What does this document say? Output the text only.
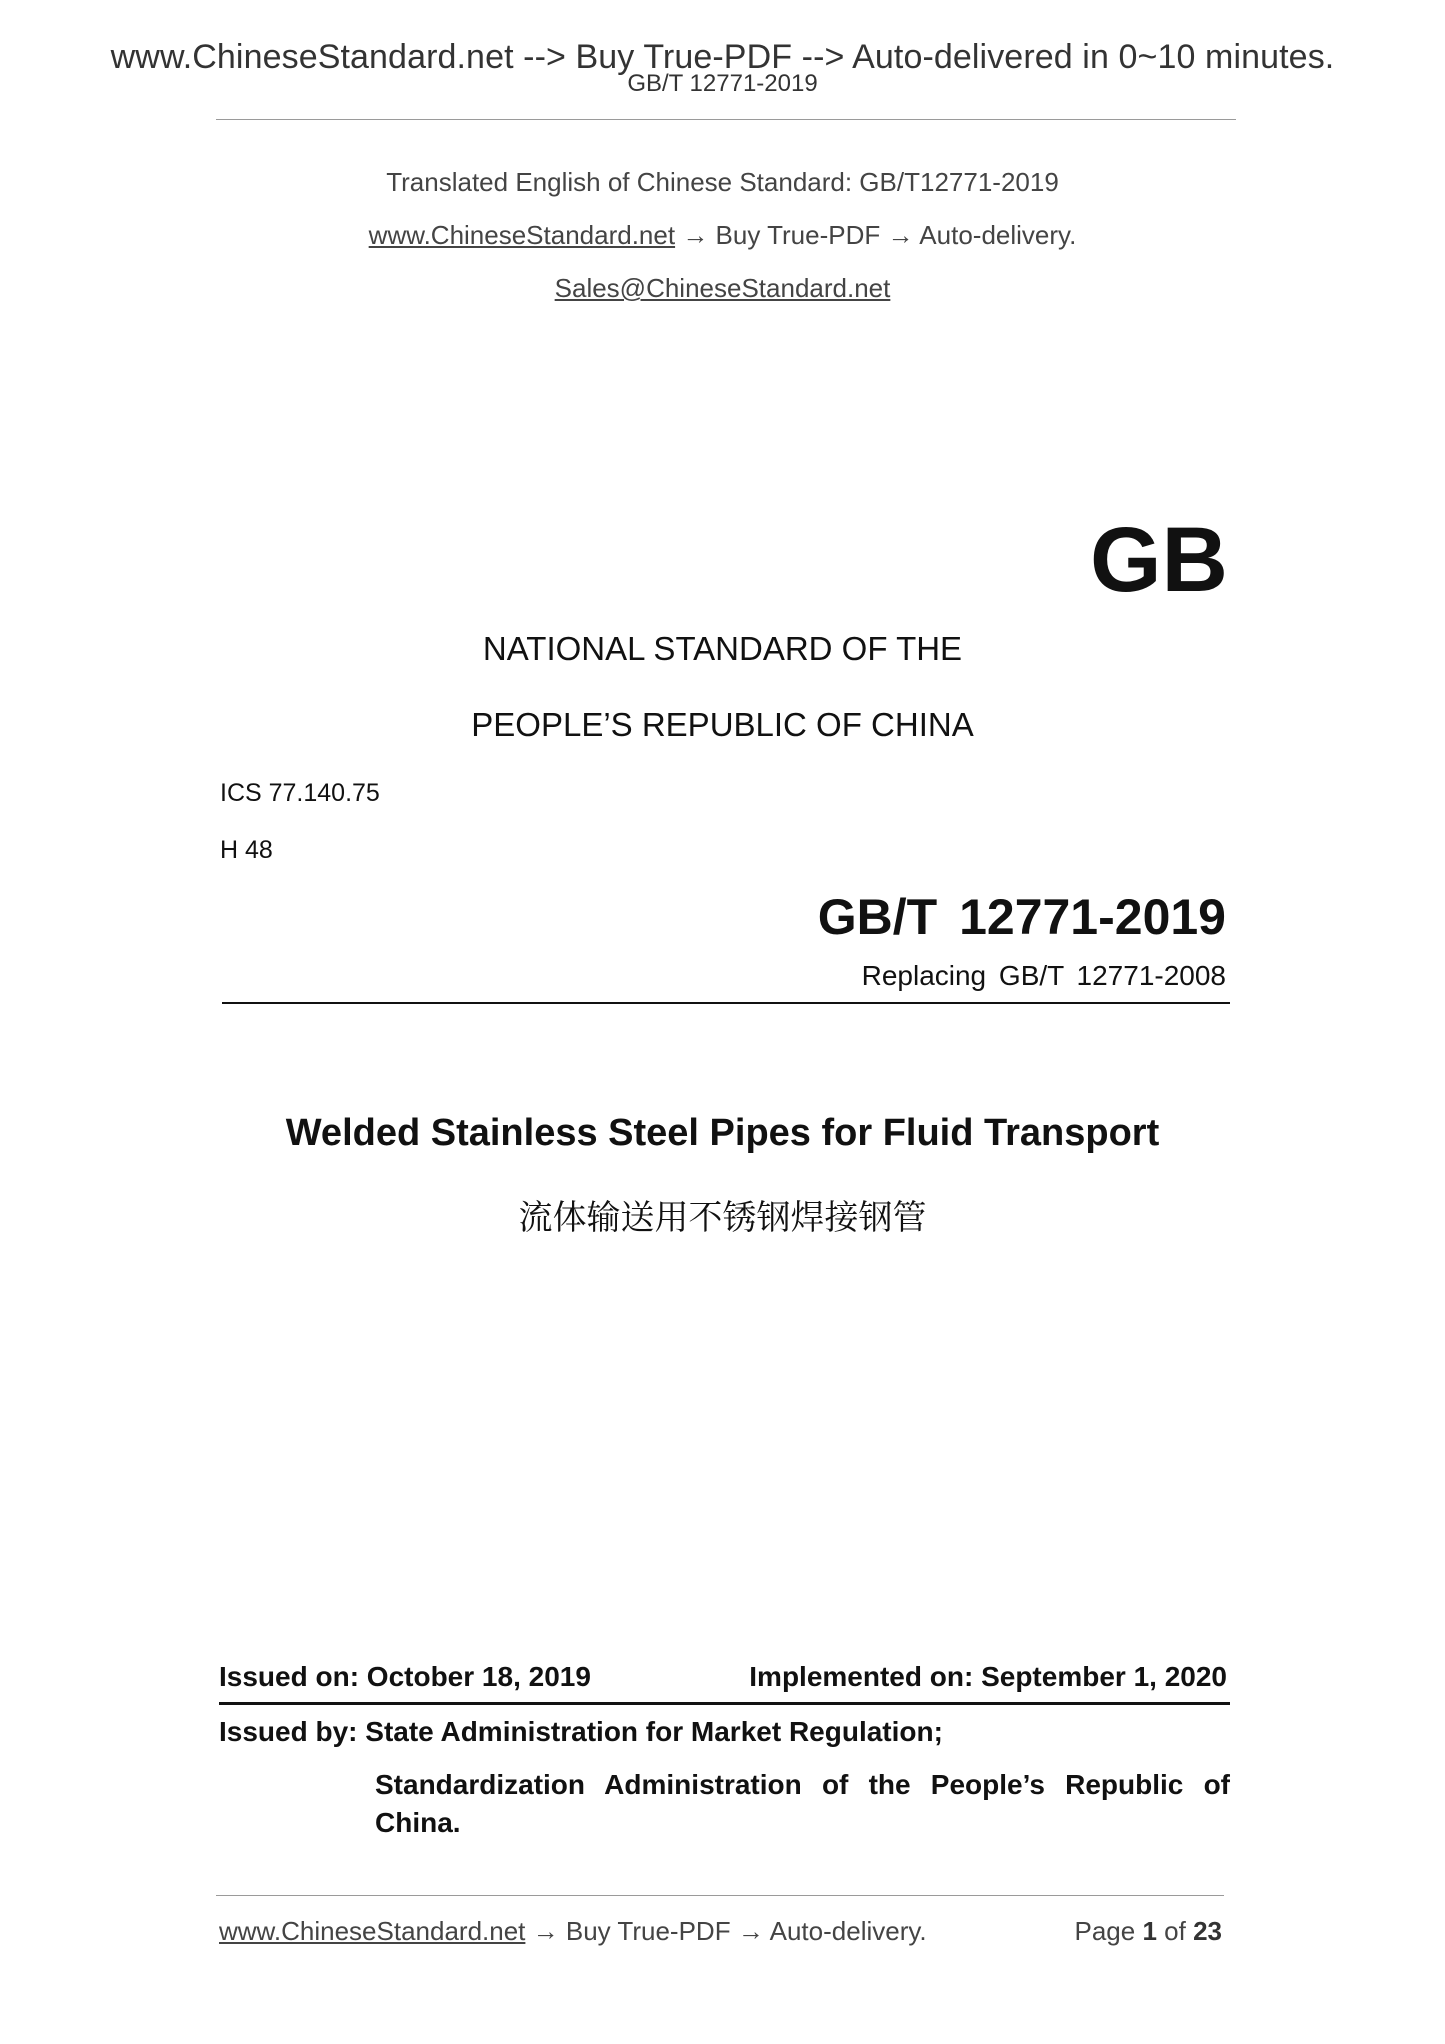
www.ChineseStandard.net --> Buy True-PDF --> Auto-delivered in 0~10 minutes.
GB/T 12771-2019
Translated English of Chinese Standard: GB/T12771-2019
www.ChineseStandard.net → Buy True-PDF → Auto-delivery.
Sales@ChineseStandard.net
GB
NATIONAL STANDARD OF THE
PEOPLE’S REPUBLIC OF CHINA
ICS 77.140.75
H 48
GB/T 12771-2019
Replacing GB/T 12771-2008
Welded Stainless Steel Pipes for Fluid Transport
流体输送用不锈钢焊接钢管
Issued on: October 18, 2019	Implemented on: September 1, 2020
Issued by: State Administration for Market Regulation;
Standardization Administration of the People’s Republic of China.
www.ChineseStandard.net → Buy True-PDF → Auto-delivery.	Page 1 of 23
